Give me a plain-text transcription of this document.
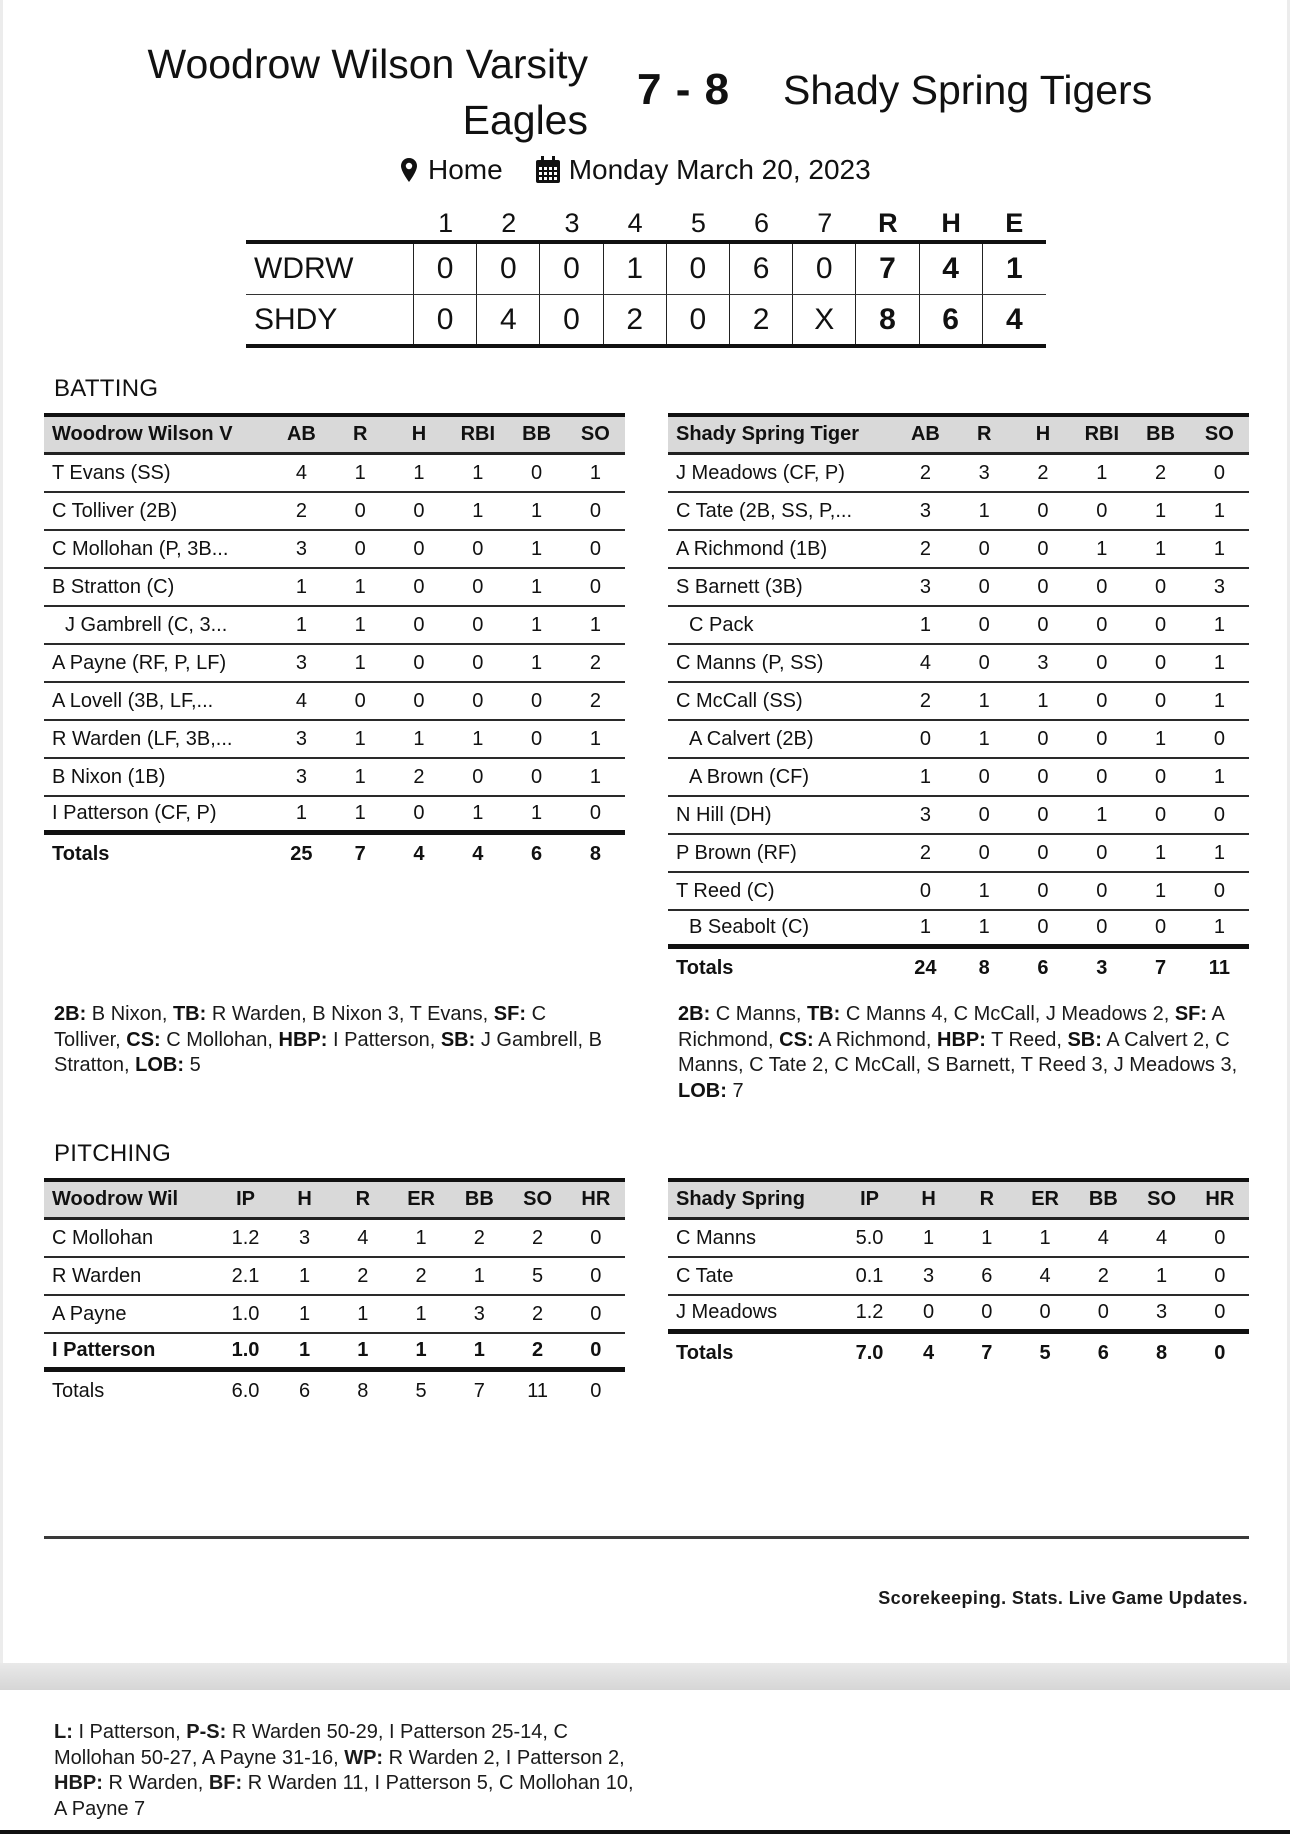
Woodrow Wilson Varsity Eagles
7 - 8 Shady Spring Tigers
Home Monday March 20, 2023
1	2	3	4	5	6	7	R	H	E
WDRW	0	0	0	1	0	6	0	7	4	1
SHDY	0	4	0	2	0	2	X	8	6	4
BATTING
Woodrow Wilson V	AB	R	H	RBI	BB	SO
T Evans (SS)	4	1	1	1	0	1
C Tolliver (2B)	2	0	0	1	1	0
C Mollohan (P, 3B...	3	0	0	0	1	0
B Stratton (C)	1	1	0	0	1	0
J Gambrell (C, 3...	1	1	0	0	1	1
A Payne (RF, P, LF)	3	1	0	0	1	2
A Lovell (3B, LF,...	4	0	0	0	0	2
R Warden (LF, 3B,...	3	1	1	1	0	1
B Nixon (1B)	3	1	2	0	0	1
I Patterson (CF, P)	1	1	0	1	1	0
Totals	25	7	4	4	6	8
Shady Spring Tiger	AB	R	H	RBI	BB	SO
J Meadows (CF, P)	2	3	2	1	2	0
C Tate (2B, SS, P,...	3	1	0	0	1	1
A Richmond (1B)	2	0	0	1	1	1
S Barnett (3B)	3	0	0	0	0	3
C Pack	1	0	0	0	0	1
C Manns (P, SS)	4	0	3	0	0	1
C McCall (SS)	2	1	1	0	0	1
A Calvert (2B)	0	1	0	0	1	0
A Brown (CF)	1	0	0	0	0	1
N Hill (DH)	3	0	0	1	0	0
P Brown (RF)	2	0	0	0	1	1
T Reed (C)	0	1	0	0	1	0
B Seabolt (C)	1	1	0	0	0	1
Totals	24	8	6	3	7	11
2B: B Nixon, TB: R Warden, B Nixon 3, T Evans, SF: C Tolliver, CS: C Mollohan, HBP: I Patterson, SB: J Gambrell, B Stratton, LOB: 5
2B: C Manns, TB: C Manns 4, C McCall, J Meadows 2, SF: A Richmond, CS: A Richmond, HBP: T Reed, SB: A Calvert 2, C Manns, C Tate 2, C McCall, S Barnett, T Reed 3, J Meadows 3, LOB: 7
PITCHING
Woodrow Wil	IP	H	R	ER	BB	SO	HR
C Mollohan	1.2	3	4	1	2	2	0
R Warden	2.1	1	2	2	1	5	0
A Payne	1.0	1	1	1	3	2	0
I Patterson	1.0	1	1	1	1	2	0
Totals	6.0	6	8	5	7	11	0
Shady Spring	IP	H	R	ER	BB	SO	HR
C Manns	5.0	1	1	1	4	4	0
C Tate	0.1	3	6	4	2	1	0
J Meadows	1.2	0	0	0	0	3	0
Totals	7.0	4	7	5	6	8	0
Scorekeeping. Stats. Live Game Updates.
L: I Patterson, P-S: R Warden 50-29, I Patterson 25-14, C Mollohan 50-27, A Payne 31-16, WP: R Warden 2, I Patterson 2, HBP: R Warden, BF: R Warden 11, I Patterson 5, C Mollohan 10, A Payne 7
